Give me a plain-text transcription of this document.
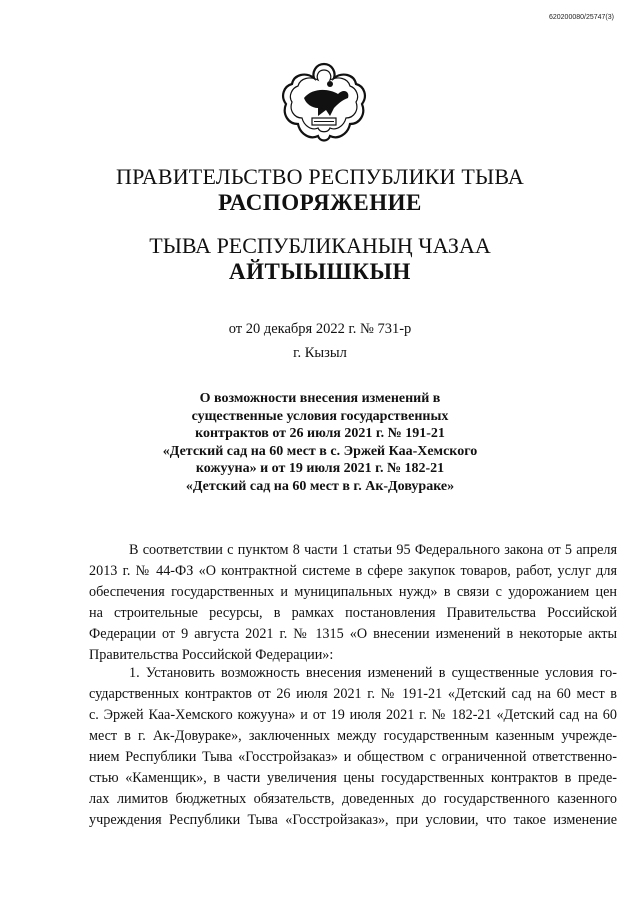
620200080/25747(3)
ПРАВИТЕЛЬСТВО РЕСПУБЛИКИ ТЫВА
РАСПОРЯЖЕНИЕ
ТЫВА РЕСПУБЛИКАНЫҢ ЧАЗАА
АЙТЫЫШКЫН
от 20 декабря 2022 г. № 731-р
г. Кызыл
О возможности внесения изменений в
существенные условия государственных
контрактов от 26 июля 2021 г. № 191-21
«Детский сад на 60 мест в с. Эржей Каа-Хемского
кожууна» и от 19 июля 2021 г. № 182-21
«Детский сад на 60 мест в г. Ак-Довураке»
В соответствии с пунктом 8 части 1 статьи 95 Федерального закона от 5 апреля
2013 г. № 44-ФЗ «О контрактной системе в сфере закупок товаров, работ, услуг для
обеспечения государственных и муниципальных нужд» в связи с удорожанием цен
на строительные ресурсы, в рамках постановления Правительства Российской
Федерации от 9 августа 2021 г. № 1315 «О внесении изменений в некоторые акты
Правительства Российской Федерации»:
1. Установить возможность внесения изменений в существенные условия го-
сударственных контрактов от 26 июля 2021 г. № 191-21 «Детский сад на 60 мест в
с. Эржей Каа-Хемского кожууна» и от 19 июля 2021 г. № 182-21 «Детский сад на 60
мест в г. Ак-Довураке», заключенных между государственным казенным учрежде-
нием Республики Тыва «Госстройзаказ» и обществом с ограниченной ответственно-
стью «Каменщик», в части увеличения цены государственных контрактов в преде-
лах лимитов бюджетных обязательств, доведенных до государственного казенного
учреждения Республики Тыва «Госстройзаказ», при условии, что такое изменение
